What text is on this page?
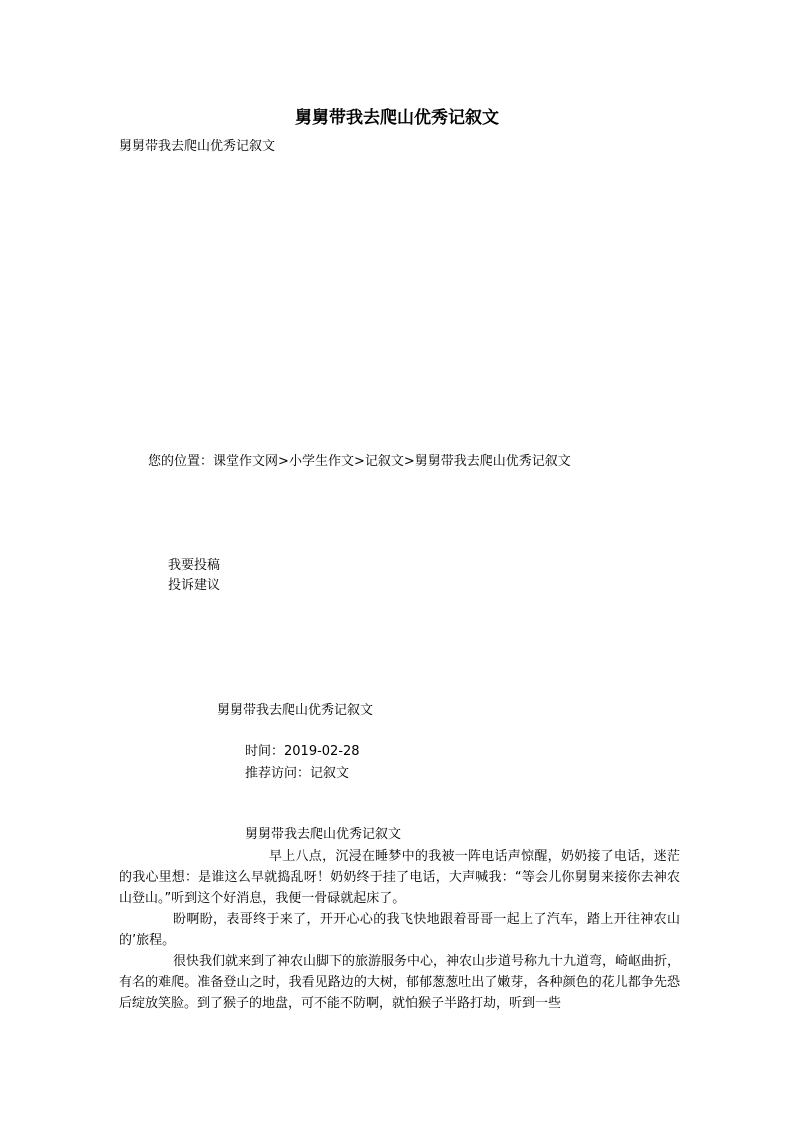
舅舅带我去爬山优秀记叙文
舅舅带我去爬山优秀记叙文
您的位置：课堂作文网>小学生作文>记叙文>舅舅带我去爬山优秀记叙文
我要投稿
投诉建议
舅舅带我去爬山优秀记叙文
时间：2019-02-28
推荐访问：记叙文
舅舅带我去爬山优秀记叙文
早上八点，沉浸在睡梦中的我被一阵电话声惊醒，奶奶接了电话，迷茫的我心里想：是谁这么早就捣乱呀！奶奶终于挂了电话，大声喊我：“等会儿你舅舅来接你去神农山登山。”听到这个好消息，我便一骨碌就起床了。
盼啊盼，表哥终于来了，开开心心的我飞快地跟着哥哥一起上了汽车，踏上开往神农山的’旅程。
很快我们就来到了神农山脚下的旅游服务中心，神农山步道号称九十九道弯，崎岖曲折，有名的难爬。准备登山之时，我看见路边的大树，郁郁葱葱吐出了嫩芽，各种颜色的花儿都争先恐后绽放笑脸。到了猴子的地盘，可不能不防啊，就怕猴子半路打劫，听到一些
